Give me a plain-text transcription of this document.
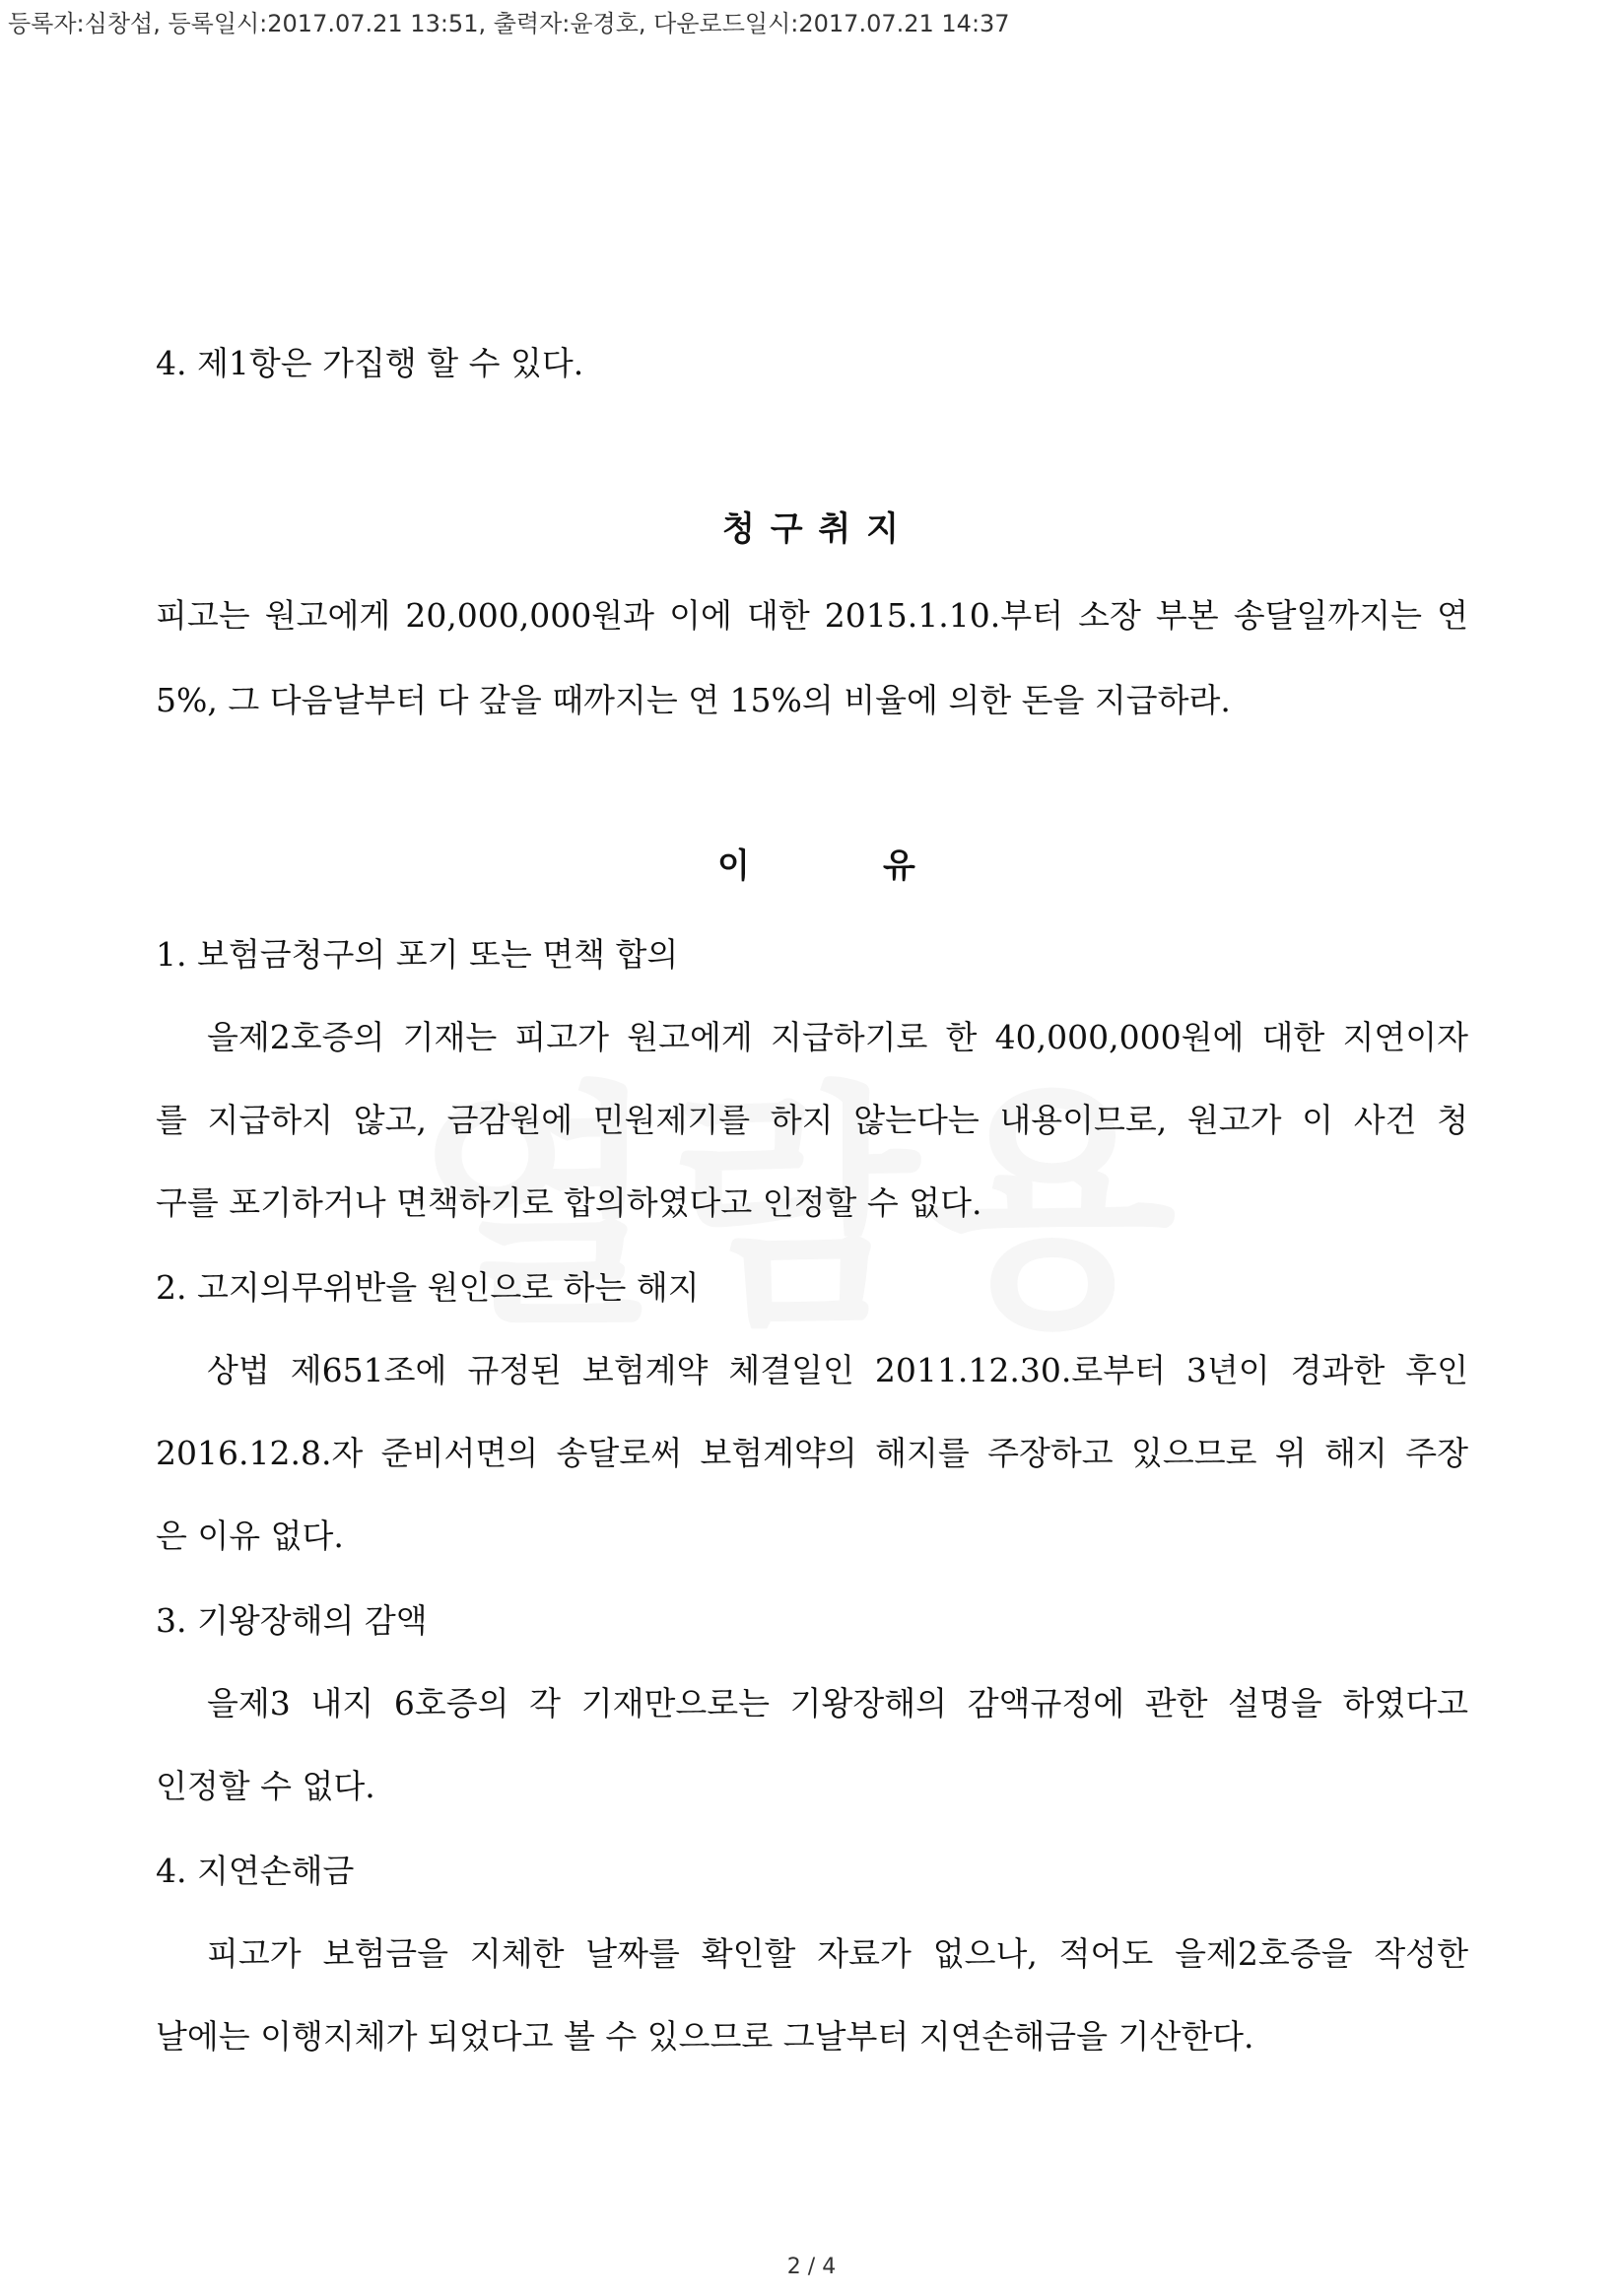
등록자:심창섭, 등록일시:2017.07.21 13:51, 출력자:윤경호, 다운로드일시:2017.07.21 14:37
4. 제1항은 가집행 할 수 있다.
청 구 취 지
피고는 원고에게 20,000,000원과 이에 대한 2015.1.10.부터 소장 부본 송달일까지는 연
5%, 그 다음날부터 다 갚을 때까지는 연 15%의 비율에 의한 돈을 지급하라.
이	유
1. 보험금청구의 포기 또는 면책 합의
을제2호증의 기재는 피고가 원고에게 지급하기로 한 40,000,000원에 대한 지연이자
를 지급하지 않고, 금감원에 민원제기를 하지 않는다는 내용이므로, 원고가 이 사건 청
구를 포기하거나 면책하기로 합의하였다고 인정할 수 없다.
2. 고지의무위반을 원인으로 하는 해지
상법 제651조에 규정된 보험계약 체결일인 2011.12.30.로부터 3년이 경과한 후인
2016.12.8.자 준비서면의 송달로써 보험계약의 해지를 주장하고 있으므로 위 해지 주장
은 이유 없다.
3. 기왕장해의 감액
을제3 내지 6호증의 각 기재만으로는 기왕장해의 감액규정에 관한 설명을 하였다고
인정할 수 없다.
4. 지연손해금
피고가 보험금을 지체한 날짜를 확인할 자료가 없으나, 적어도 을제2호증을 작성한
날에는 이행지체가 되었다고 볼 수 있으므로 그날부터 지연손해금을 기산한다.
2 / 4
